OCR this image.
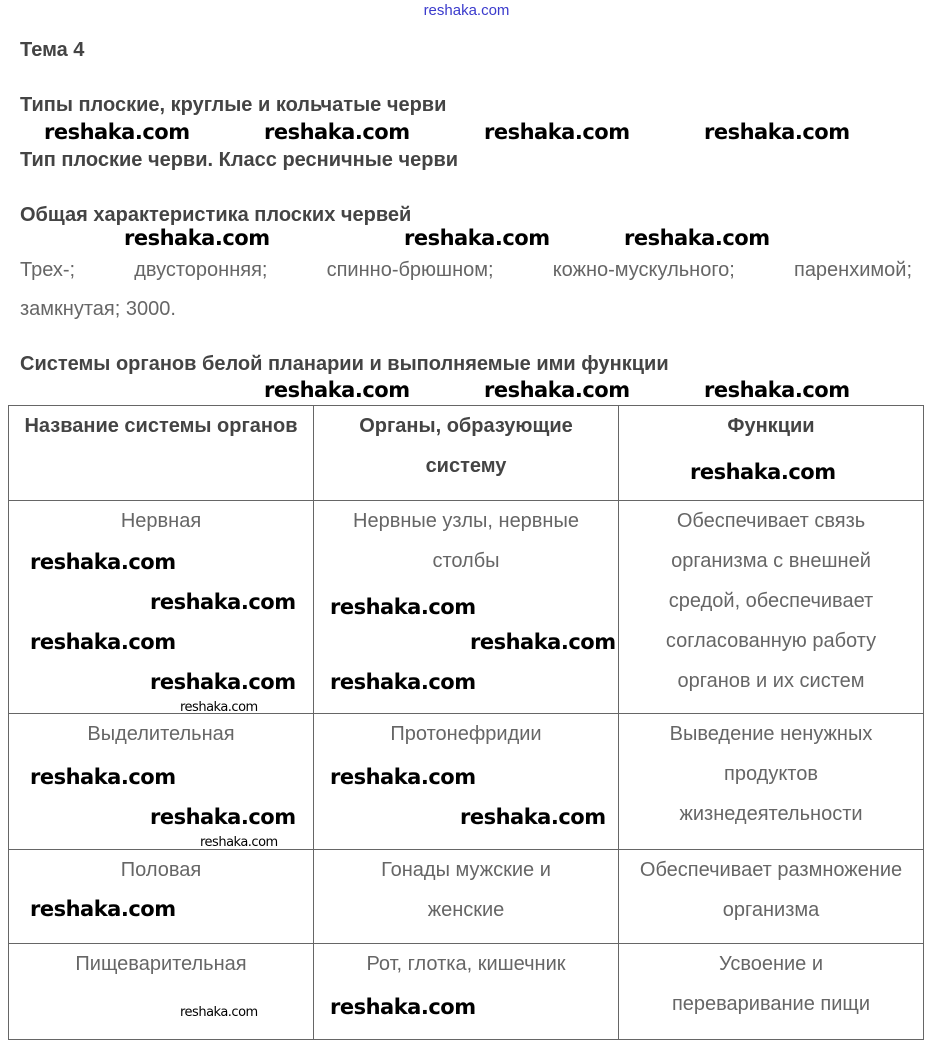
reshaka.com
Тема 4
Типы плоские, круглые и кольчатые черви
Тип плоские черви. Класс ресничные черви
Общая характеристика плоских червей
Трех-; двусторонняя; спинно-брюшном; кожно-мускульного; паренхимой;
замкнутая; 3000.
Системы органов белой планарии и выполняемые ими функции
Название системы органов	Органы, образующие систему	Функции
Нервная	Нервные узлы, нервные столбы	Обеспечивает связь организма с внешней средой, обеспечивает согласованную работу органов и их систем
Выделительная	Протонефридии	Выведение ненужных продуктов жизнедеятельности
Половая	Гонады мужские и женские	Обеспечивает размножение организма
Пищеварительная	Рот, глотка, кишечник	Усвоение и переваривание пищи
reshaka.com	reshaka.com	reshaka.com	reshaka.com
reshaka.com	reshaka.com	reshaka.com
reshaka.com	reshaka.com	reshaka.com
reshaka.com
reshaka.com
reshaka.com
reshaka.com
reshaka.com
reshaka.com
reshaka.com
reshaka.com
reshaka.com
reshaka.com
reshaka.com
reshaka.com
reshaka.com
reshaka.com
reshaka.com
reshaka.com
reshaka.com
